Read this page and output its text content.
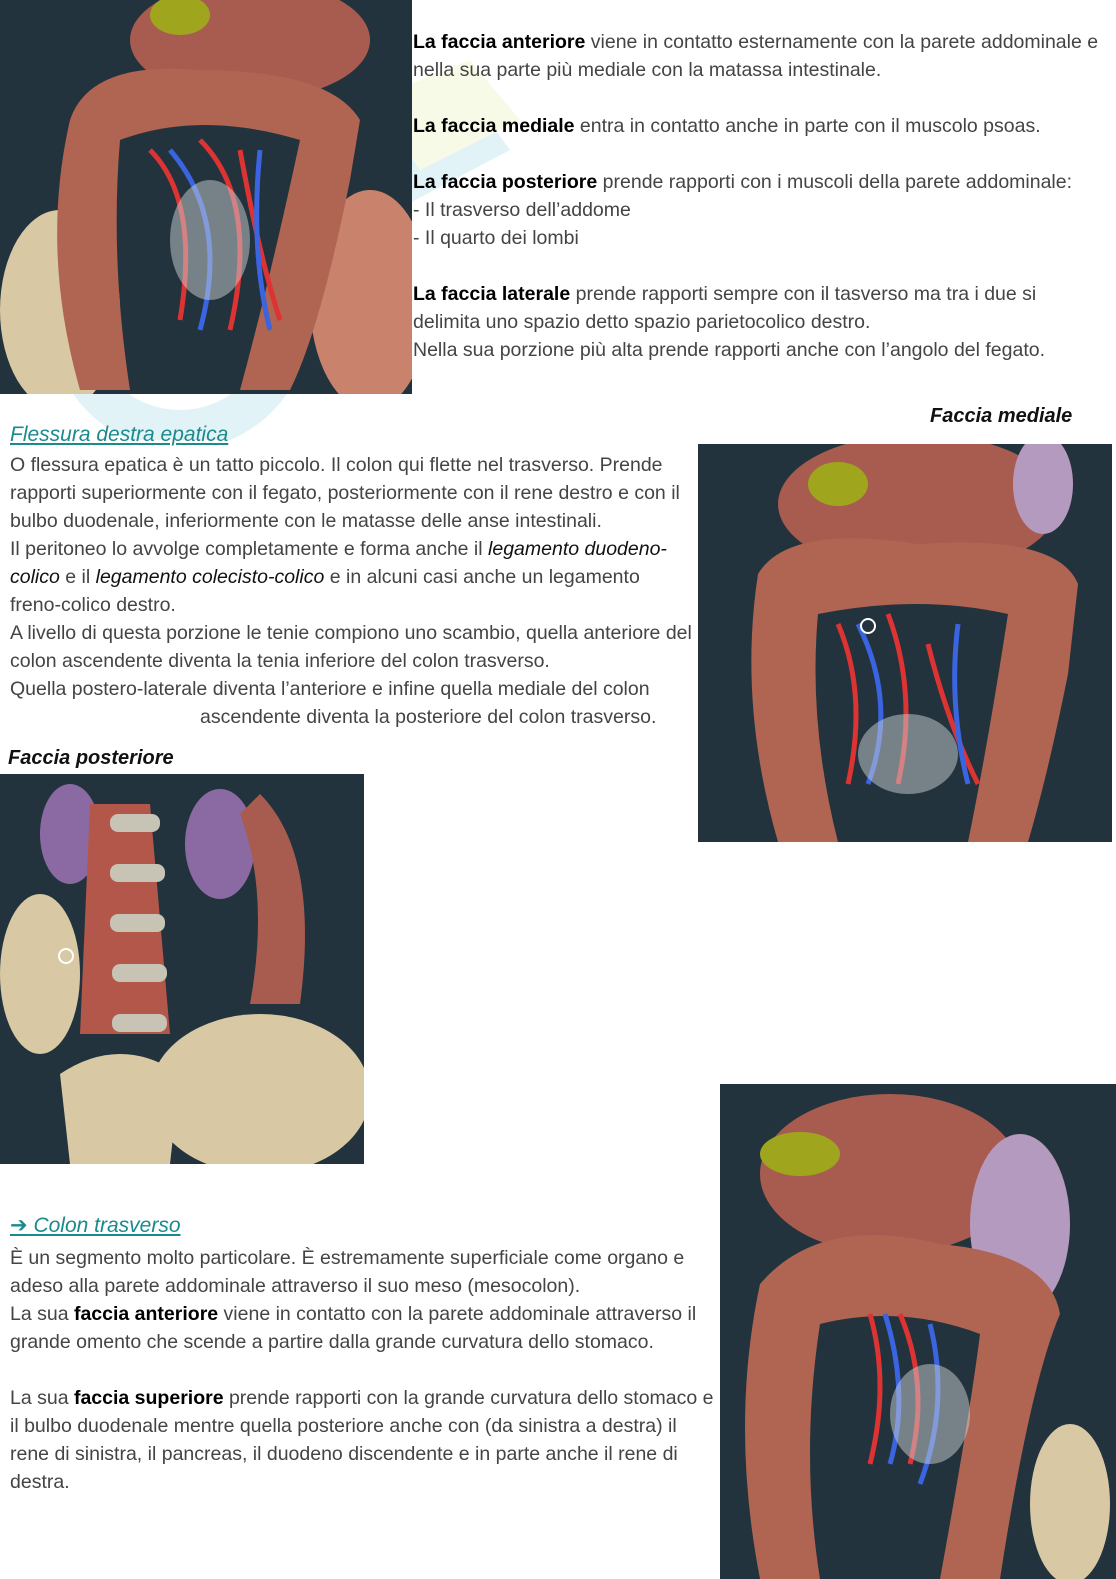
La faccia anteriore viene in contatto esternamente con la parete addominale e nella sua parte più mediale con la matassa intestinale.

La faccia mediale entra in contatto anche in parte con il muscolo psoas.

La faccia posteriore prende rapporti con i muscoli della parete addominale:

- Il trasverso dell’addome

- Il quarto dei lombi

La faccia laterale prende rapporti sempre con il tasverso ma tra i due si delimita uno spazio detto spazio parietocolico destro.

Nella sua porzione più alta prende rapporti anche con l’angolo del fegato.

Faccia mediale
Flessura destra epatica

O flessura epatica è un tatto piccolo. Il colon qui flette nel trasverso. Prende rapporti superiormente con il fegato, posteriormente con il rene destro e con il bulbo duodenale, inferiormente con le matasse delle anse intestinali.

Il peritoneo lo avvolge completamente e forma anche il legamento duodeno-colico e il legamento colecisto-colico e in alcuni casi anche un legamento freno-colico destro.

A livello di questa porzione le tenie compiono uno scambio, quella anteriore del colon ascendente diventa la tenia inferiore del colon trasverso.

Quella postero-laterale diventa l’anteriore e infine quella mediale del colon

ascendente diventa la posteriore del colon trasverso.

Faccia posteriore
➔ Colon trasverso

È un segmento molto particolare. È estremamente superficiale come organo e adeso alla parete addominale attraverso il suo meso (mesocolon).

La sua faccia anteriore viene in contatto con la parete addominale attraverso il grande omento che scende a partire dalla grande curvatura dello stomaco.

La sua faccia superiore prende rapporti con la grande curvatura dello stomaco e il bulbo duodenale mentre quella posteriore anche con (da sinistra a destra) il rene di sinistra, il pancreas, il duodeno discendente e in parte anche il rene di destra.
